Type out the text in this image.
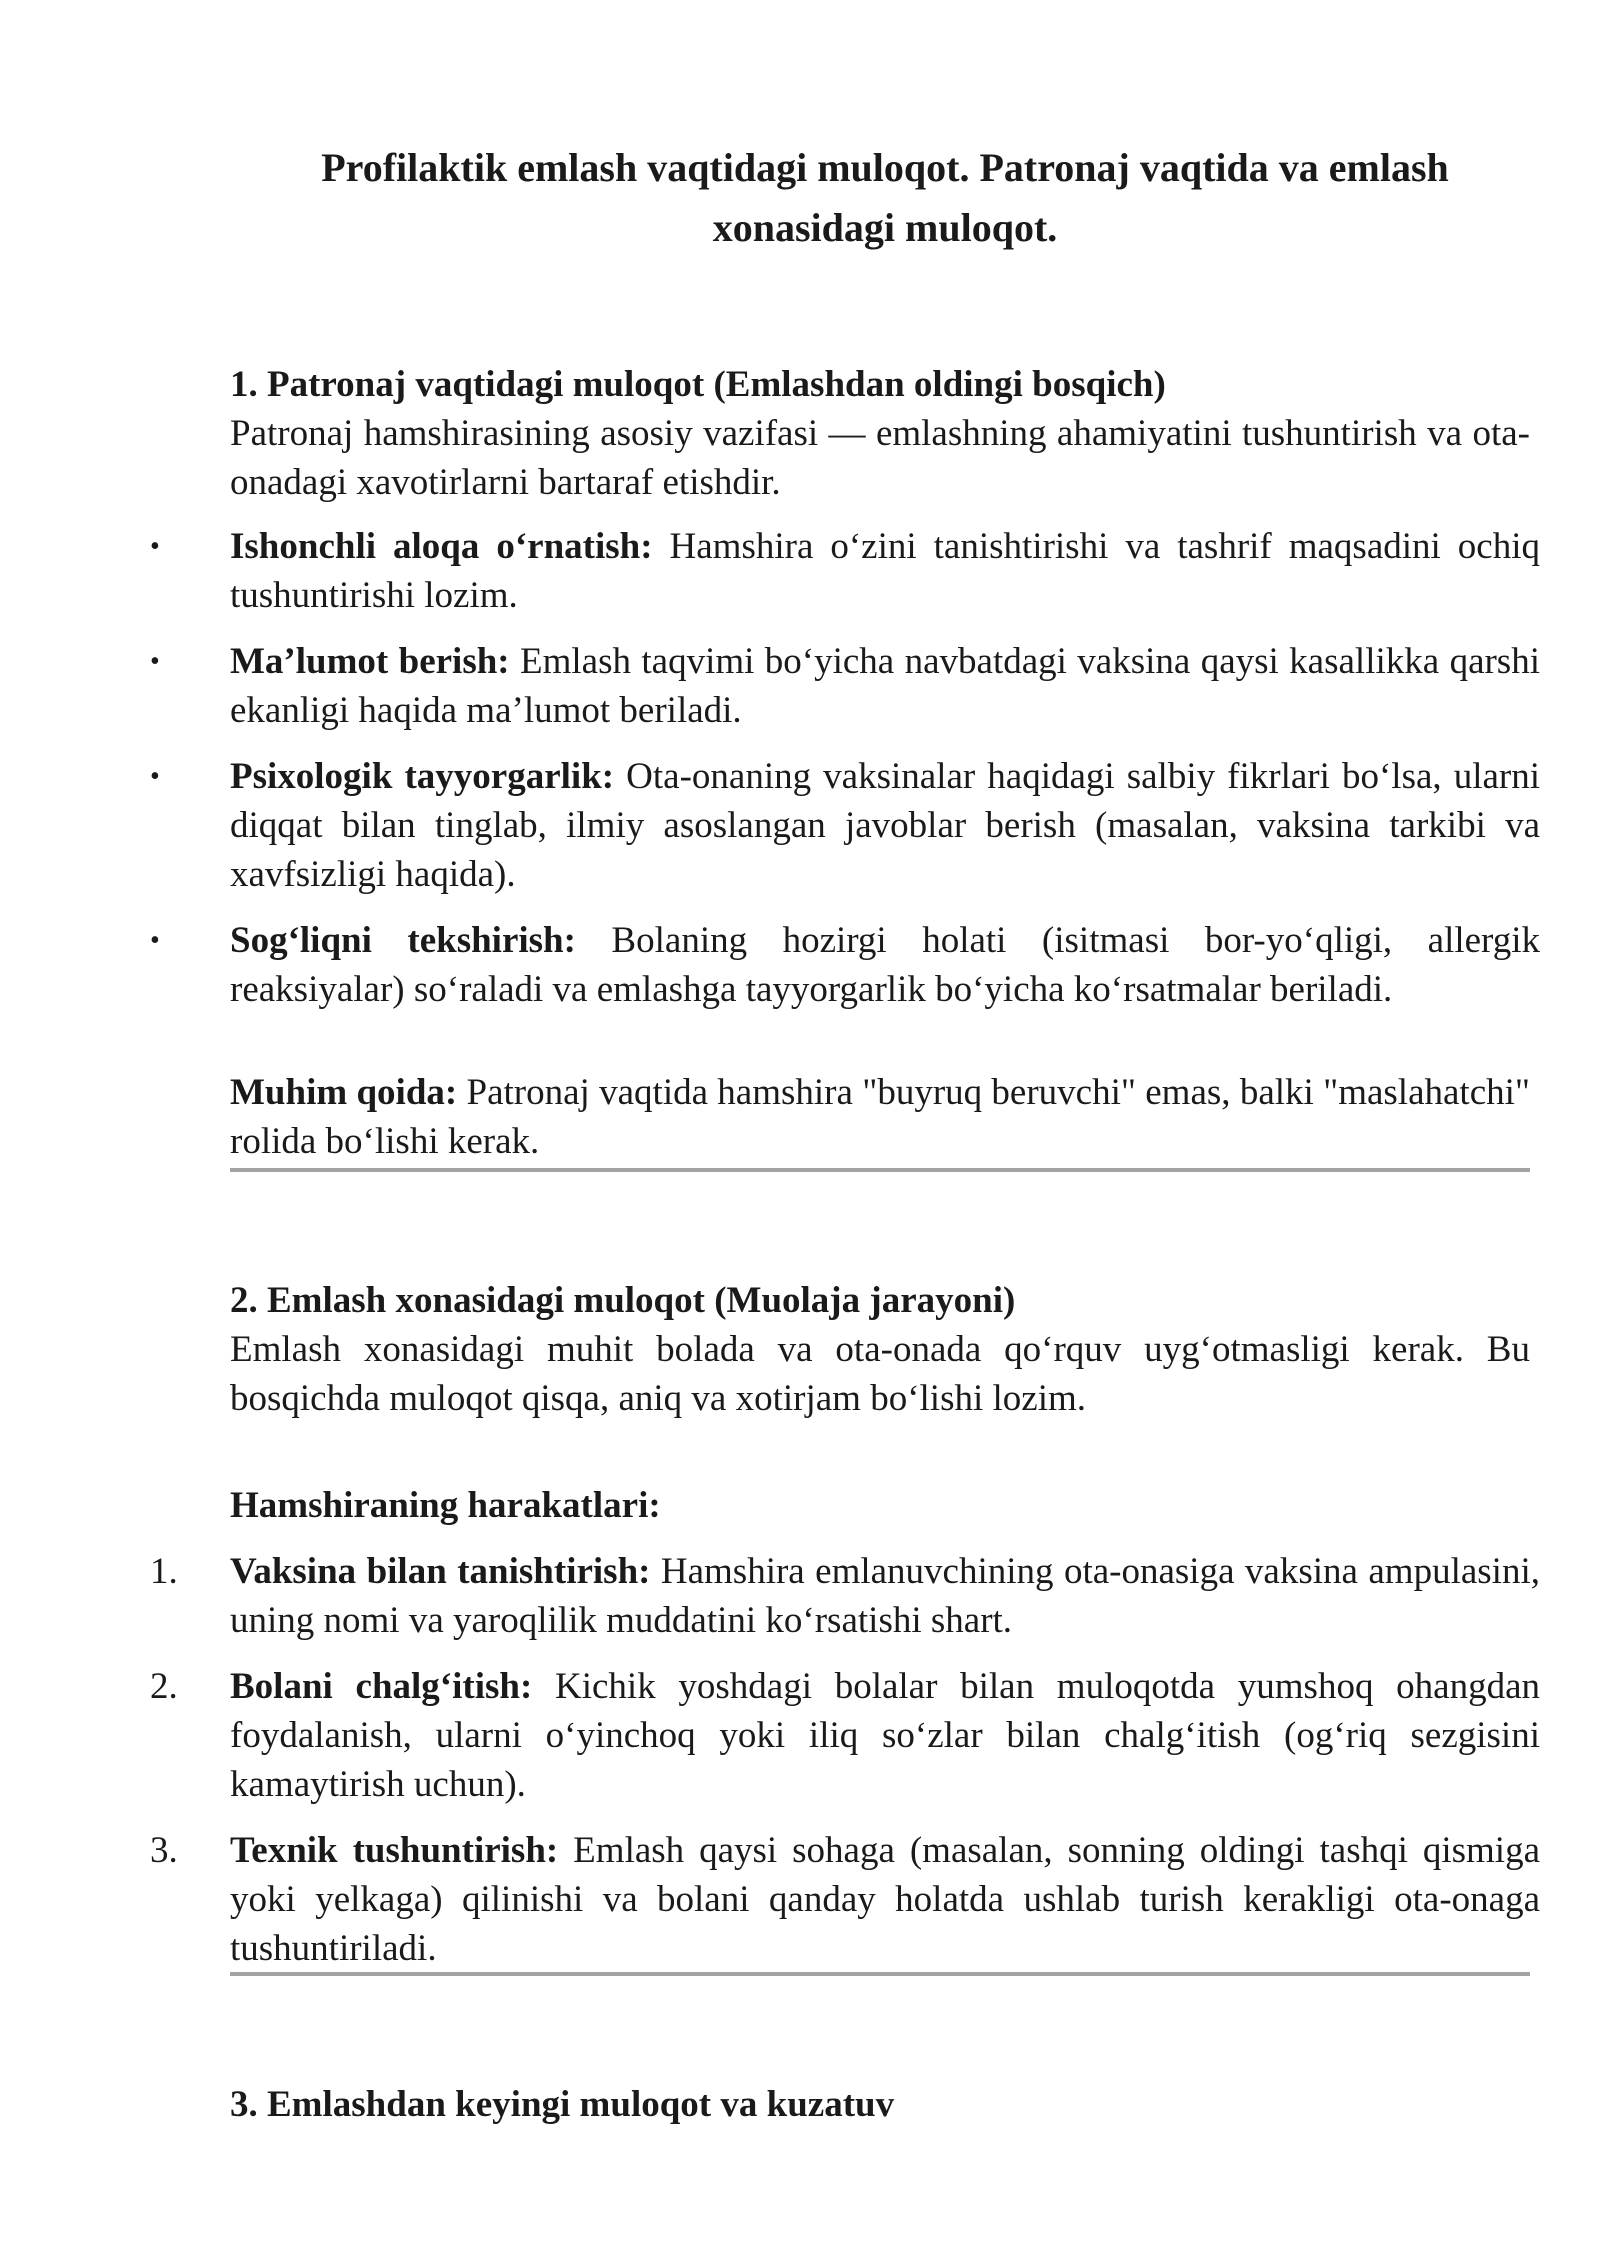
Profilaktik emlash vaqtidagi muloqot. Patronaj vaqtida va emlash
xonasidagi muloqot.
1. Patronaj vaqtidagi muloqot (Emlashdan oldingi bosqich)
Patronaj hamshirasining asosiy vazifasi — emlashning ahamiyatini tushuntirish va ota-onadagi xavotirlarni bartaraf etishdir.
•	Ishonchli aloqa o‘rnatish: Hamshira o‘zini tanishtirishi va tashrif maqsadini ochiq tushuntirishi lozim.
•	Ma’lumot berish: Emlash taqvimi bo‘yicha navbatdagi vaksina qaysi kasallikka qarshi ekanligi haqida ma’lumot beriladi.
•	Psixologik tayyorgarlik: Ota-onaning vaksinalar haqidagi salbiy fikrlari bo‘lsa, ularni diqqat bilan tinglab, ilmiy asoslangan javoblar berish (masalan, vaksina tarkibi va xavfsizligi haqida).
•	Sog‘liqni tekshirish: Bolaning hozirgi holati (isitmasi bor-yo‘qligi, allergik reaksiyalar) so‘raladi va emlashga tayyorgarlik bo‘yicha ko‘rsatmalar beriladi.
Muhim qoida: Patronaj vaqtida hamshira "buyruq beruvchi" emas, balki "maslahatchi" rolida bo‘lishi kerak.
2. Emlash xonasidagi muloqot (Muolaja jarayoni)
Emlash xonasidagi muhit bolada va ota-onada qo‘rquv uyg‘otmasligi kerak. Bu bosqichda muloqot qisqa, aniq va xotirjam bo‘lishi lozim.
Hamshiraning harakatlari:
1.	Vaksina bilan tanishtirish: Hamshira emlanuvchining ota-onasiga vaksina ampulasini, uning nomi va yaroqlilik muddatini ko‘rsatishi shart.
2.	Bolani chalg‘itish: Kichik yoshdagi bolalar bilan muloqotda yumshoq ohangdan foydalanish, ularni o‘yinchoq yoki iliq so‘zlar bilan chalg‘itish (og‘riq sezgisini kamaytirish uchun).
3.	Texnik tushuntirish: Emlash qaysi sohaga (masalan, sonning oldingi tashqi qismiga yoki yelkaga) qilinishi va bolani qanday holatda ushlab turish kerakligi ota-onaga tushuntiriladi.
3. Emlashdan keyingi muloqot va kuzatuv
